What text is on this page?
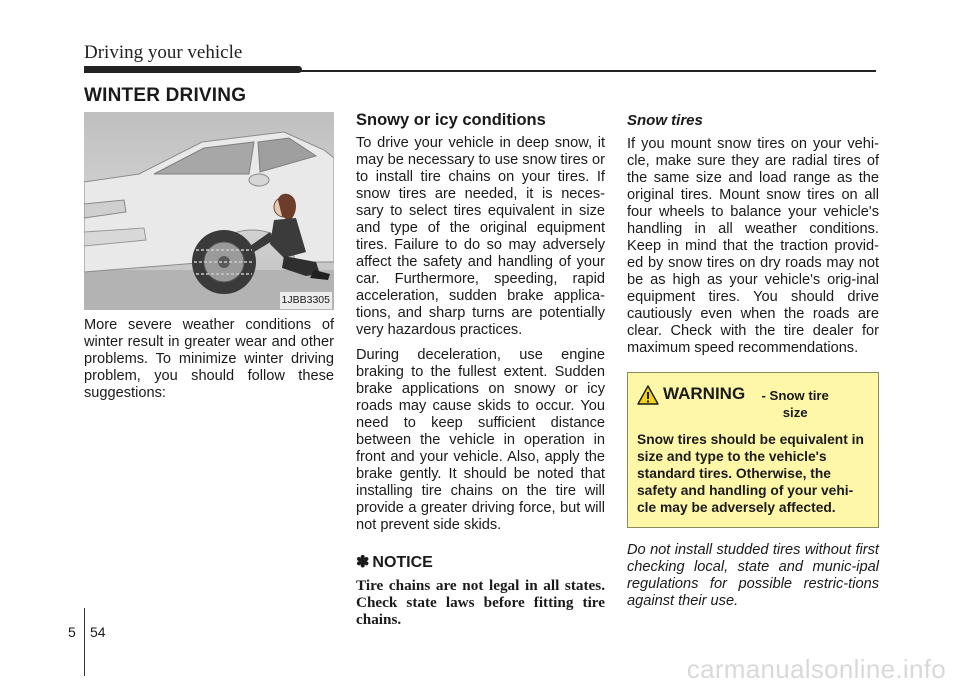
Driving your vehicle
WINTER DRIVING
1JBB3305

More severe weather conditions of winter result in greater wear and other problems. To minimize winter driving problem, you should follow these suggestions:

Snowy or icy conditions

To drive your vehicle in deep snow, it may be necessary to use snow tires or to install tire chains on your tires. If snow tires are needed, it is neces-sary to select tires equivalent in size and type of the original equipment tires. Failure to do so may adversely affect the safety and handling of your car. Furthermore, speeding, rapid acceleration, sudden brake applica-tions, and sharp turns are potentially very hazardous practices.

During deceleration, use engine braking to the fullest extent. Sudden brake applications on snowy or icy roads may cause skids to occur. You need to keep sufficient distance between the vehicle in operation in front and your vehicle. Also, apply the brake gently. It should be noted that installing tire chains on the tire will provide a greater driving force, but will not prevent side skids.

✽ NOTICE
Tire chains are not legal in all states. Check state laws before fitting tire chains.
Snow tires

If you mount snow tires on your vehi-cle, make sure they are radial tires of the same size and load range as the original tires. Mount snow tires on all four wheels to balance your vehicle's handling in all weather conditions. Keep in mind that the traction provid-ed by snow tires on dry roads may not be as high as your vehicle's orig-inal equipment tires. You should drive cautiously even when the roads are clear. Check with the tire dealer for maximum speed recommendations.

WARNING	- Snow tire size
Snow tires should be equivalent in size and type to the vehicle's standard tires. Otherwise, the safety and handling of your vehi-cle may be adversely affected.

Do not install studded tires without first checking local, state and munic-ipal regulations for possible restric-tions against their use.

5 54
carmanualsonline.info
